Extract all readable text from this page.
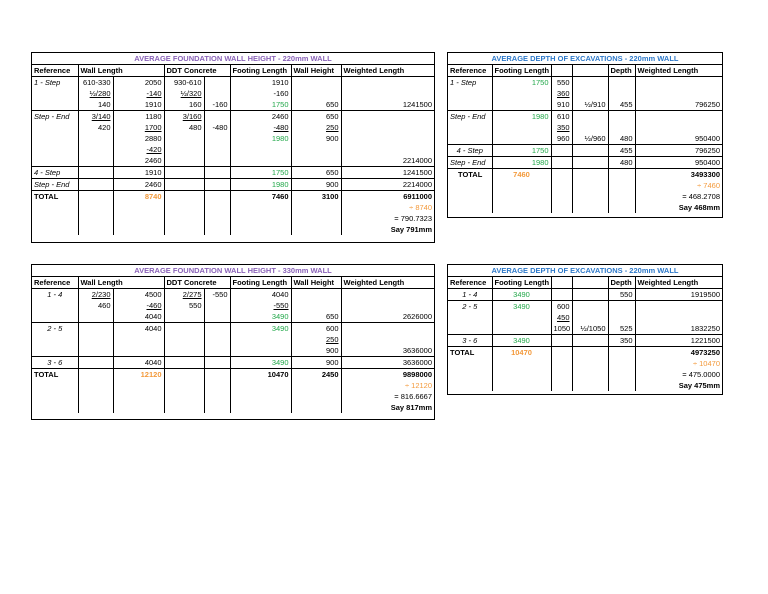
AVERAGE FOUNDATION WALL HEIGHT - 220mm WALL							
Reference	Wall Length		DDT Concrete		Footing Length	Wall Height	Weighted Length
1 - Step	610-330	2050	930-610		1910		
	½/280	-140	½/320		-160		
	140	1910	160	-160	1750	650	1241500
Step - End	3/140	1180	3/160		2460	650	
	420	1700	480	-480	-480	250	
		2880			1980	900	
		-420					
		2460					2214000
4 - Step		1910			1750	650	1241500
Step - End		2460			1980	900	2214000
TOTAL		8740			7460	3100	6911000
							÷ 8740
							= 790.7323
							Say 791mm
AVERAGE DEPTH OF EXCAVATIONS - 220mm WALL					
Reference	Footing Length			Depth	Weighted Length
1 - Step	1750	550			
		360			
		910	½/910	455	796250
Step - End	1980	610			
		350			
		960	½/960	480	950400
4 - Step	1750			455	796250
Step - End	1980			480	950400
TOTAL	7460				3493300
					÷ 7460
					= 468.2708
					Say 468mm
AVERAGE FOUNDATION WALL HEIGHT - 330mm WALL							
Reference	Wall Length		DDT Concrete		Footing Length	Wall Height	Weighted Length
1 - 4	2/230	4500	2/275	-550	4040		
	460	-460	550		-550		
		4040			3490	650	2626000
2 - 5		4040			3490	600	
						250	
						900	3636000
3 - 6		4040			3490	900	3636000
TOTAL		12120			10470	2450	9898000
							÷ 12120
							= 816.6667
							Say 817mm
AVERAGE DEPTH OF EXCAVATIONS - 220mm WALL					
Reference	Footing Length			Depth	Weighted Length
1 - 4	3490			550	1919500
2 - 5	3490	600			
		450			
		1050	½/1050	525	1832250
3 - 6	3490			350	1221500
TOTAL	10470				4973250
					÷ 10470
					= 475.0000
					Say 475mm
